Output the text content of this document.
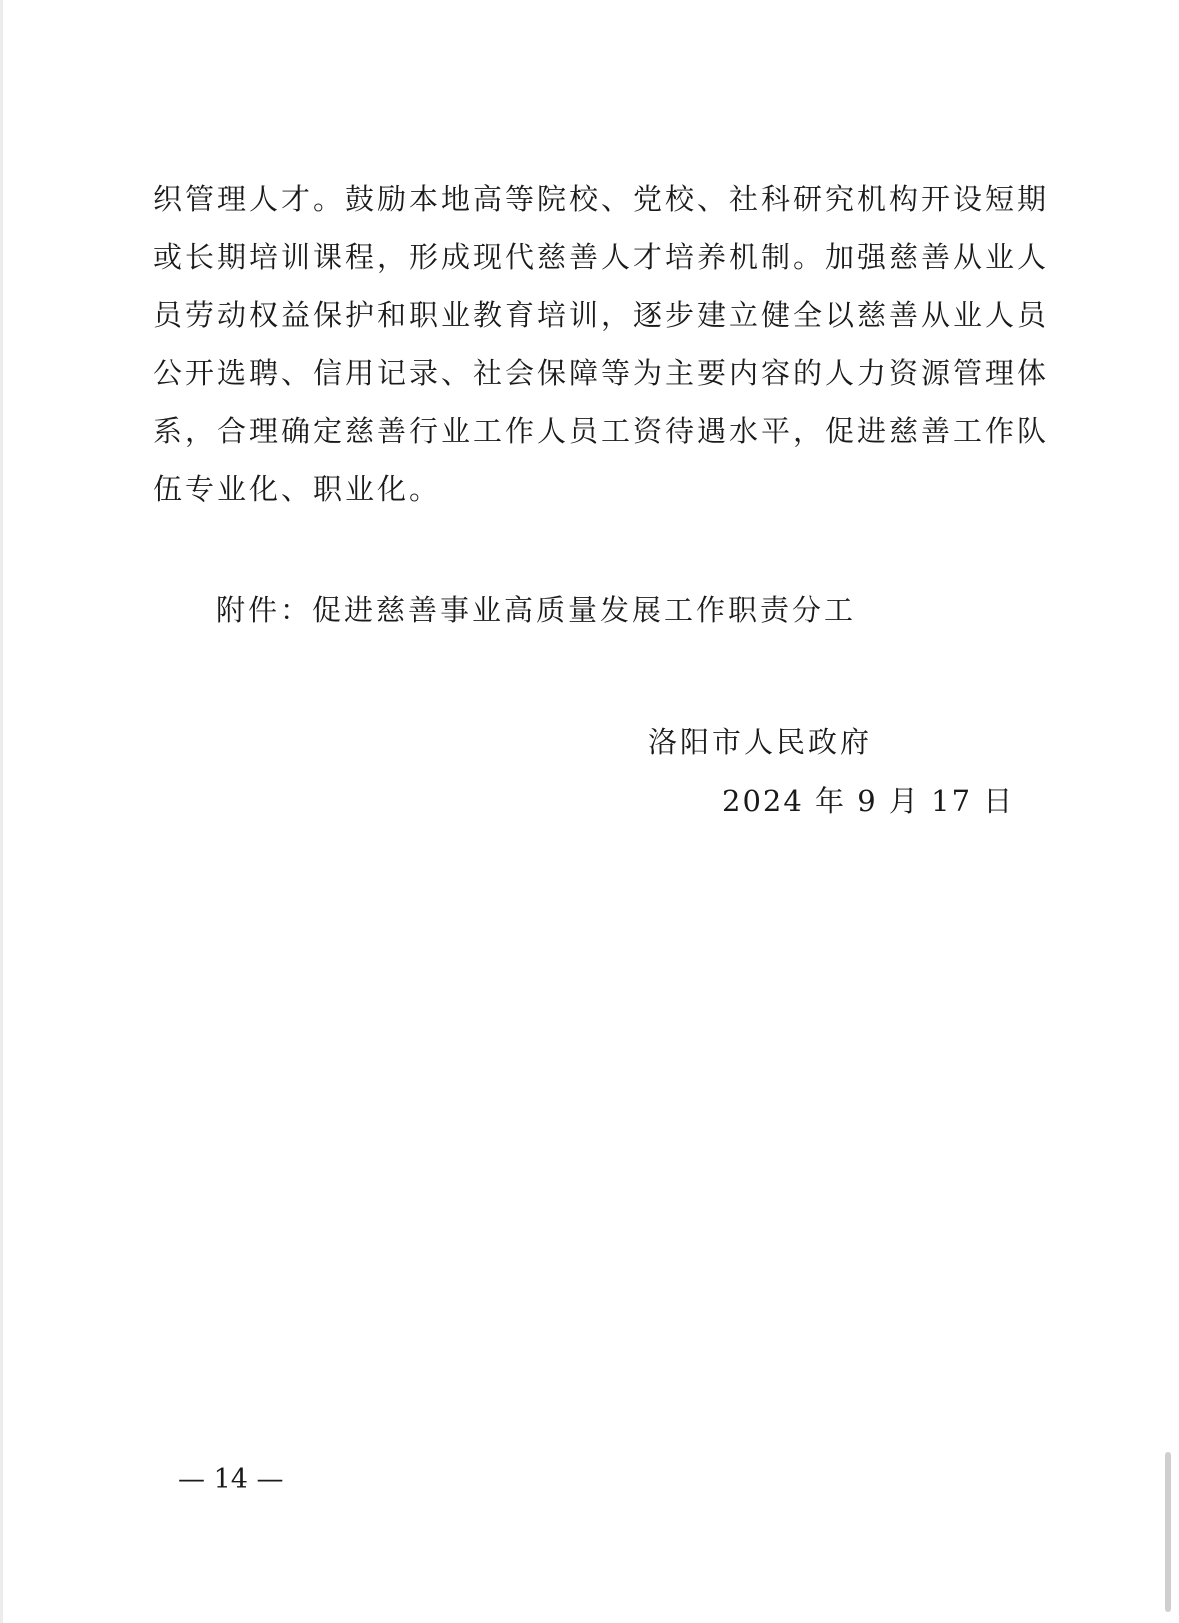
织管理人才。鼓励本地高等院校、党校、社科研究机构开设短期
或长期培训课程，形成现代慈善人才培养机制。加强慈善从业人
员劳动权益保护和职业教育培训，逐步建立健全以慈善从业人员
公开选聘、信用记录、社会保障等为主要内容的人力资源管理体
系，合理确定慈善行业工作人员工资待遇水平，促进慈善工作队
伍专业化、职业化。
附件：促进慈善事业高质量发展工作职责分工
洛阳市人民政府
2024 年 9 月 17 日
— 14 —
